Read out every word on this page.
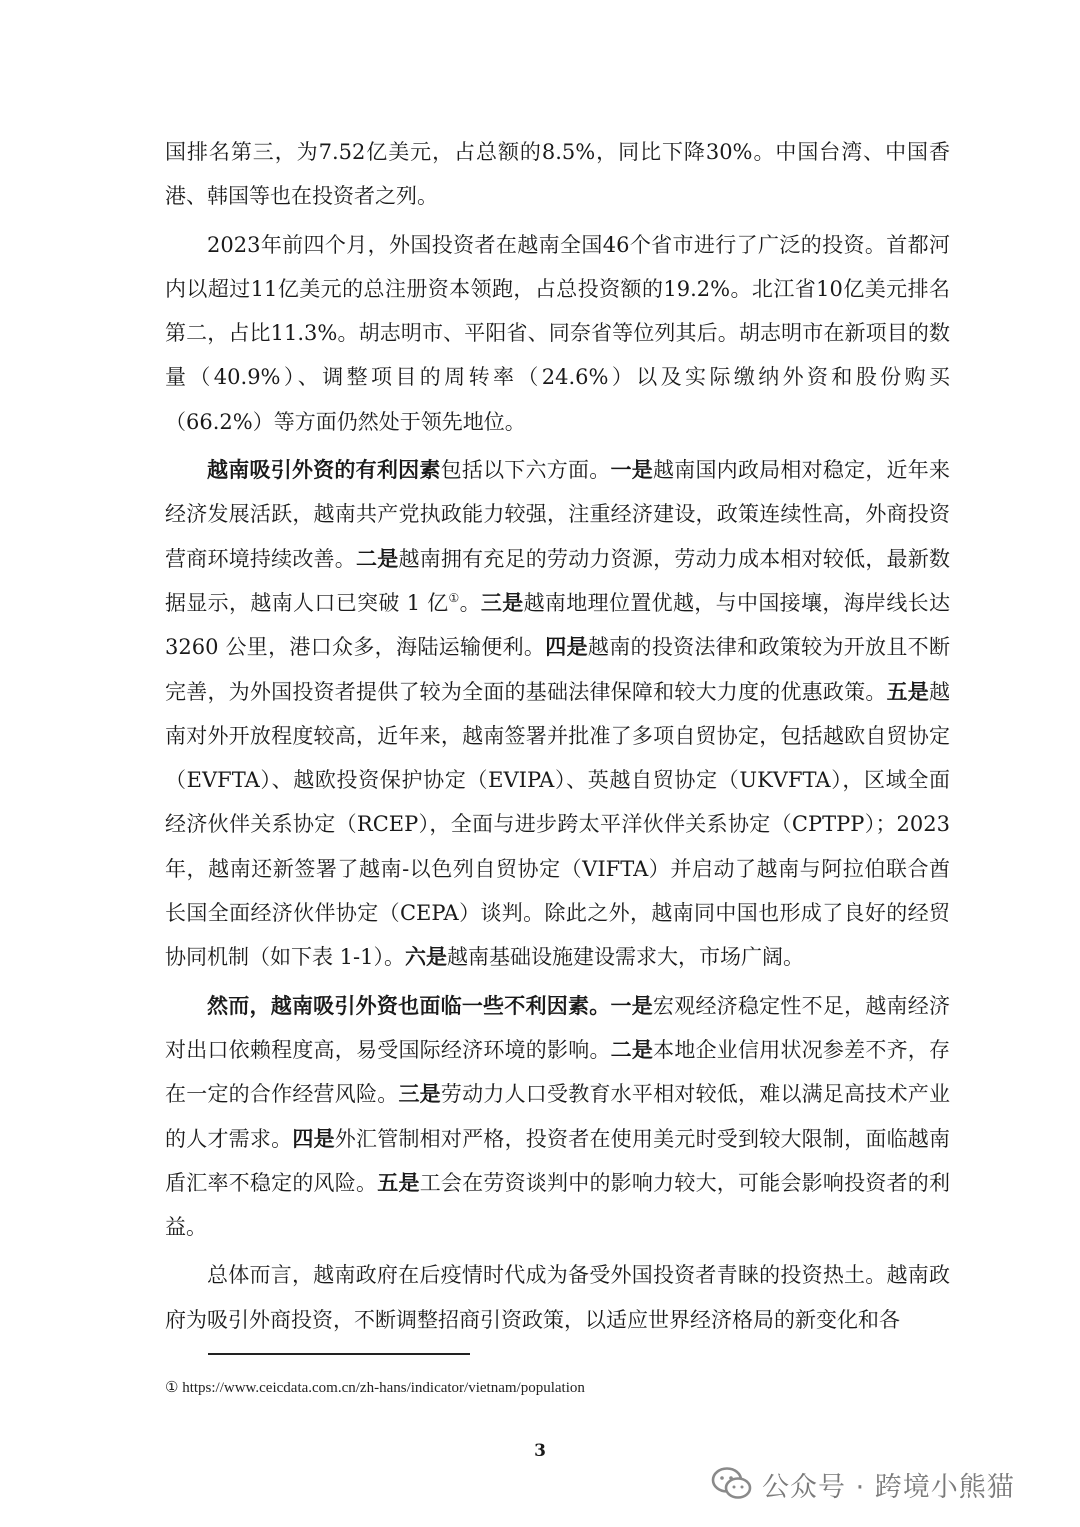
国排名第三，为7.52亿美元，占总额的8.5%，同比下降30%。中国台湾、中国香港、韩国等也在投资者之列。

2023年前四个月，外国投资者在越南全国46个省市进行了广泛的投资。首都河内以超过11亿美元的总注册资本领跑，占总投资额的19.2%。北江省10亿美元排名第二，占比11.3%。胡志明市、平阳省、同奈省等位列其后。胡志明市在新项目的数量（40.9%）、调整项目的周转率（24.6%）以及实际缴纳外资和股份购买（66.2%）等方面仍然处于领先地位。

越南吸引外资的有利因素包括以下六方面。一是越南国内政局相对稳定，近年来经济发展活跃，越南共产党执政能力较强，注重经济建设，政策连续性高，外商投资营商环境持续改善。二是越南拥有充足的劳动力资源，劳动力成本相对较低，最新数据显示，越南人口已突破 1 亿①。三是越南地理位置优越，与中国接壤，海岸线长达 3260 公里，港口众多，海陆运输便利。四是越南的投资法律和政策较为开放且不断完善，为外国投资者提供了较为全面的基础法律保障和较大力度的优惠政策。五是越南对外开放程度较高，近年来，越南签署并批准了多项自贸协定，包括越欧自贸协定（EVFTA）、越欧投资保护协定（EVIPA）、英越自贸协定（UKVFTA），区域全面经济伙伴关系协定（RCEP），全面与进步跨太平洋伙伴关系协定（CPTPP）；2023 年，越南还新签署了越南-以色列自贸协定（VIFTA）并启动了越南与阿拉伯联合酋长国全面经济伙伴协定（CEPA）谈判。除此之外，越南同中国也形成了良好的经贸协同机制（如下表 1-1）。六是越南基础设施建设需求大，市场广阔。

然而，越南吸引外资也面临一些不利因素。一是宏观经济稳定性不足，越南经济对出口依赖程度高，易受国际经济环境的影响。二是本地企业信用状况参差不齐，存在一定的合作经营风险。三是劳动力人口受教育水平相对较低，难以满足高技术产业的人才需求。四是外汇管制相对严格，投资者在使用美元时受到较大限制，面临越南盾汇率不稳定的风险。五是工会在劳资谈判中的影响力较大，可能会影响投资者的利益。

总体而言，越南政府在后疫情时代成为备受外国投资者青睐的投资热土。越南政府为吸引外商投资，不断调整招商引资政策，以适应世界经济格局的新变化和各

① https://www.ceicdata.com.cn/zh-hans/indicator/vietnam/population
3
公众号 · 跨境小熊猫
